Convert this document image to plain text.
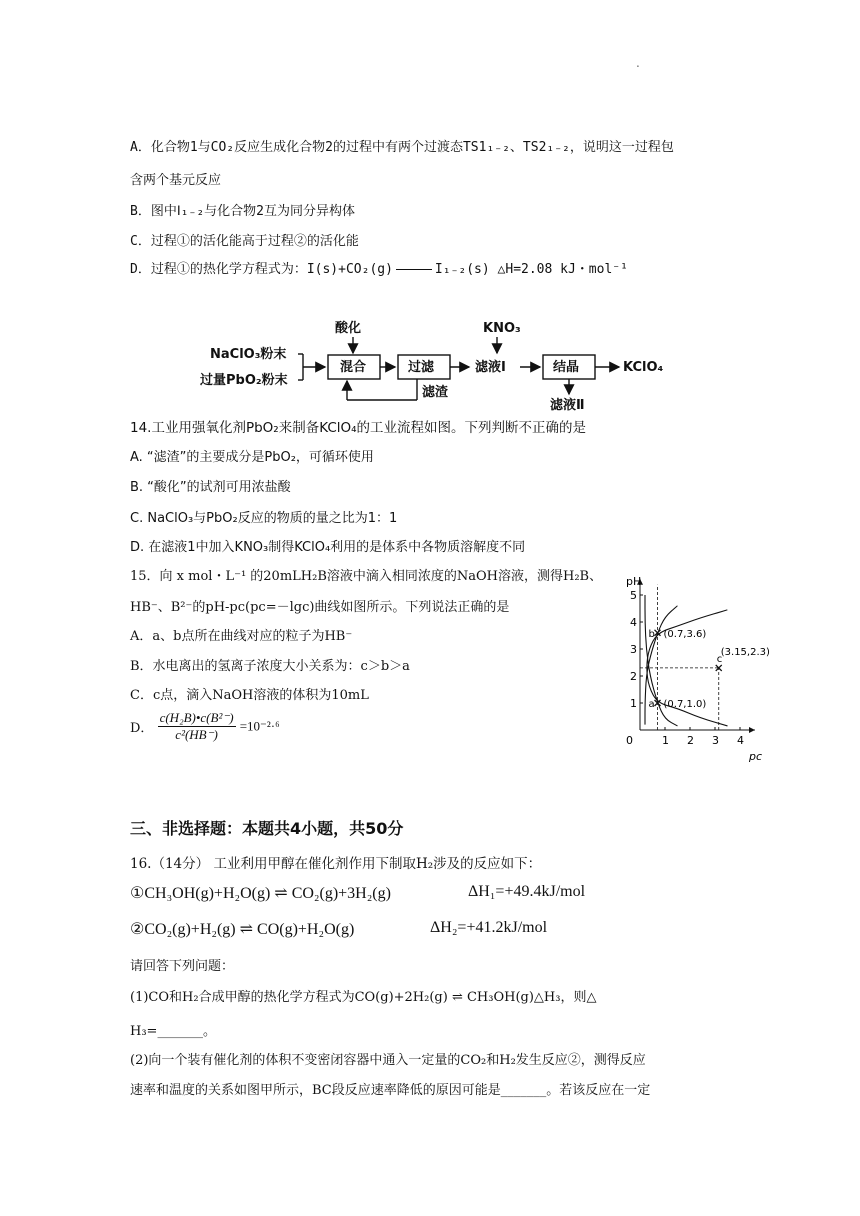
.
A．化合物1与CO₂反应生成化合物2的过程中有两个过渡态TS1₁₋₂、TS2₁₋₂，说明这一过程包
含两个基元反应
B．图中Ⅰ₁₋₂与化合物2互为同分异构体
C．过程①的活化能高于过程②的活化能
D．过程①的热化学方程式为：I(s)+CO₂(g)	I₁₋₂(s) △H=2.08 kJ・mol⁻¹
NaClO₃粉末
过量PbO₂粉末
酸化
混合	过滤
滤渣
滤液Ⅰ
KNO₃
结晶	KClO₄
滤液Ⅱ
14.工业用强氧化剂PbO₂来制备KClO₄的工业流程如图。下列判断不正确的是
A. “滤渣”的主要成分是PbO₂，可循环使用
B. “酸化”的试剂可用浓盐酸
C. NaClO₃与PbO₂反应的物质的量之比为1：1
D. 在滤液1中加入KNO₃制得KClO₄利用的是体系中各物质溶解度不同
15．向 x mol・L⁻¹ 的20mLH₂B溶液中滴入相同浓度的NaOH溶液，测得H₂B、
HB⁻、B²⁻的pH-pc(pc=－lgc)曲线如图所示。下列说法正确的是
A．a、b点所在曲线对应的粒子为HB⁻
B．水电离出的氢离子浓度大小关系为：c＞b＞a
C．c点，滴入NaOH溶液的体积为10mL
D． $\frac{\text{c(H₂B)•c(B²⁻)}}{\text{c²(HB⁻)}} =10^{-2}\cdot^6$
0	1 2 3 4
1
2
3
4
5
pH
pc
a (0.7,1.0)
b (0.7,3.6)
c
(3.15,2.3)
三、非选择题：本题共4小题，共50分
16.（14分） 工业利用甲醇在催化剂作用下制取H₂涉及的反应如下：
①CH₃OH(g)+H₂O(g) ⇌ CO₂(g)+3H₂(g)	ΔH₁=+49.4kJ/mol
②CO₂(g)+H₂(g) ⇌ CO(g)+H₂O(g)	ΔH₂=+41.2kJ/mol
请回答下列问题：
(1)CO和H₂合成甲醇的热化学方程式为CO(g)+2H₂(g) ⇌ CH₃OH(g)△H₃，则△
H₃=_______。
(2)向一个装有催化剂的体积不变密闭容器中通入一定量的CO₂和H₂发生反应②，测得反应
速率和温度的关系如图甲所示，BC段反应速率降低的原因可能是_______。若该反应在一定
